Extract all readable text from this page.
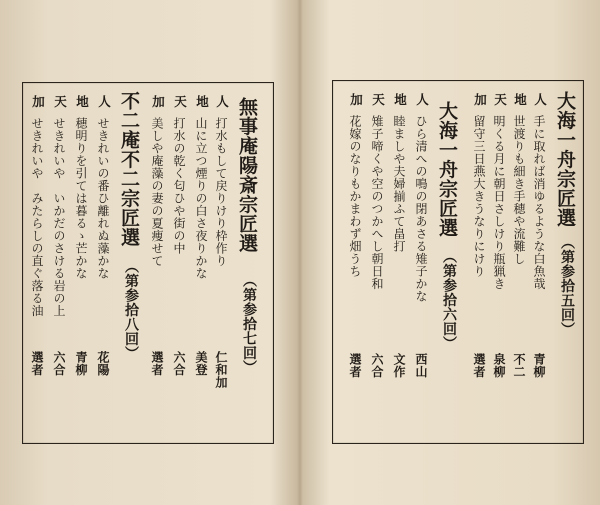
無事庵陽斎宗匠選
（第参拾七回）
人
打水もして戻りけり枠作り
仁和加
地
山に立つ煙りの白さ夜りかな
美登
天
打水の乾く匂ひや街の中
六合
加
美しや庵藻の妻の夏痩せて
選者
不二庵不二宗匠選
（第参拾八回）
人
せきれいの番ひ離れぬ藻かな
花陽
地
穂明りを引ては暮るゝ芒かな
青柳
天
せきれいや　いかだのさける岩の上
六合
加
せきれいや　みたらしの直ぐ落る油
選者
大海一舟宗匠選
（第参拾五回）
人
手に取れば消ゆるような白魚哉
青柳
地
世渡りも細き手穂や流難し
不二
天
明くる月に朝日さしけり瓶猟き
泉柳
加
留守三日燕大きうなりにけり
選者
大海一舟宗匠選
（第参拾六回）
人
ひら清への鳴の閉あさる雉子かな
西山
地
睦ましや夫婦揃ふて畠打
文作
天
雉子啼くや空のつかへし朝日和
六合
加
花嫁のなりもかまわず畑うち
選者
